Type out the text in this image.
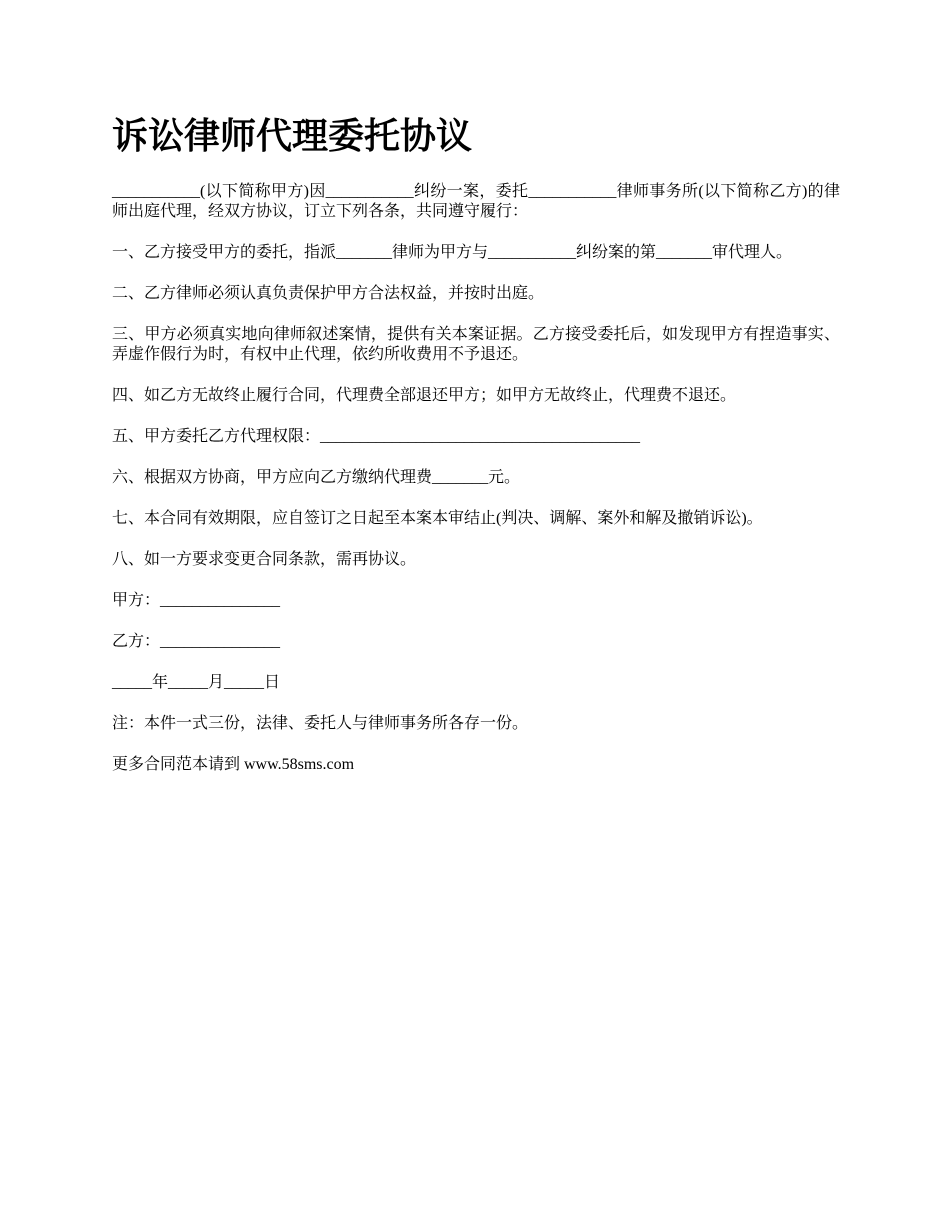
诉讼律师代理委托协议

___________(以下简称甲方)因___________纠纷一案，委托___________律师事务所(以下简称乙方)的律师出庭代理，经双方协议，订立下列各条，共同遵守履行：

一、乙方接受甲方的委托，指派_______律师为甲方与___________纠纷案的第_______审代理人。

二、乙方律师必须认真负责保护甲方合法权益，并按时出庭。

三、甲方必须真实地向律师叙述案情，提供有关本案证据。乙方接受委托后，如发现甲方有捏造事实、弄虚作假行为时，有权中止代理，依约所收费用不予退还。

四、如乙方无故终止履行合同，代理费全部退还甲方；如甲方无故终止，代理费不退还。

五、甲方委托乙方代理权限：________________________________________

六、根据双方协商，甲方应向乙方缴纳代理费_______元。

七、本合同有效期限，应自签订之日起至本案本审结止(判决、调解、案外和解及撤销诉讼)。

八、如一方要求变更合同条款，需再协议。

甲方：_______________

乙方：_______________

_____年_____月_____日

注：本件一式三份，法律、委托人与律师事务所各存一份。

更多合同范本请到 www.58sms.com
